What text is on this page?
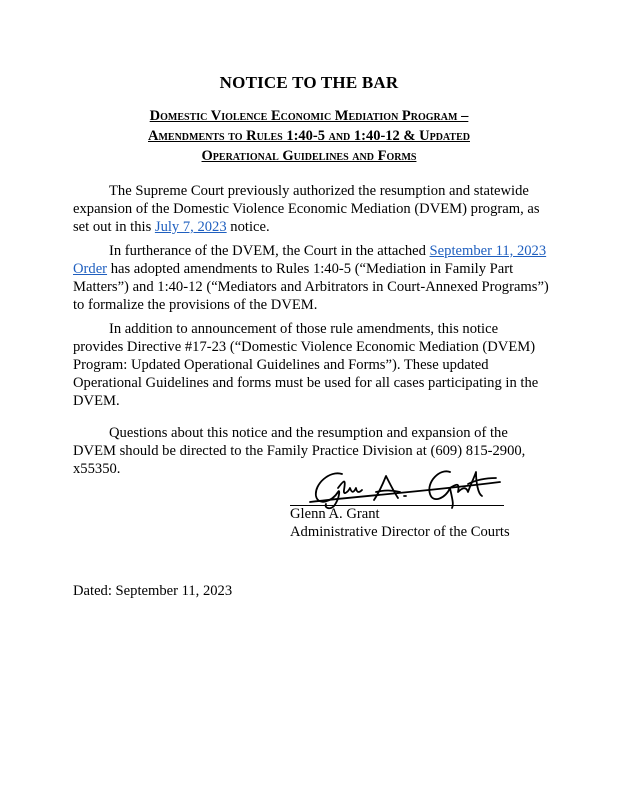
NOTICE TO THE BAR
Domestic Violence Economic Mediation Program –
Amendments to Rules 1:40-5 and 1:40-12 & Updated
Operational Guidelines and Forms

The Supreme Court previously authorized the resumption and statewide expansion of the Domestic Violence Economic Mediation (DVEM) program, as set out in this July 7, 2023 notice.

In furtherance of the DVEM, the Court in the attached September 11, 2023 Order has adopted amendments to Rules 1:40-5 (“Mediation in Family Part Matters”) and 1:40-12 (“Mediators and Arbitrators in Court-Annexed Programs”) to formalize the provisions of the DVEM.

In addition to announcement of those rule amendments, this notice provides Directive #17-23 (“Domestic Violence Economic Mediation (DVEM) Program: Updated Operational Guidelines and Forms”). These updated Operational Guidelines and forms must be used for all cases participating in the DVEM.

Questions about this notice and the resumption and expansion of the DVEM should be directed to the Family Practice Division at (609) 815-2900, x55350.

Glenn A. Grant
Administrative Director of the Courts
Dated: September 11, 2023
